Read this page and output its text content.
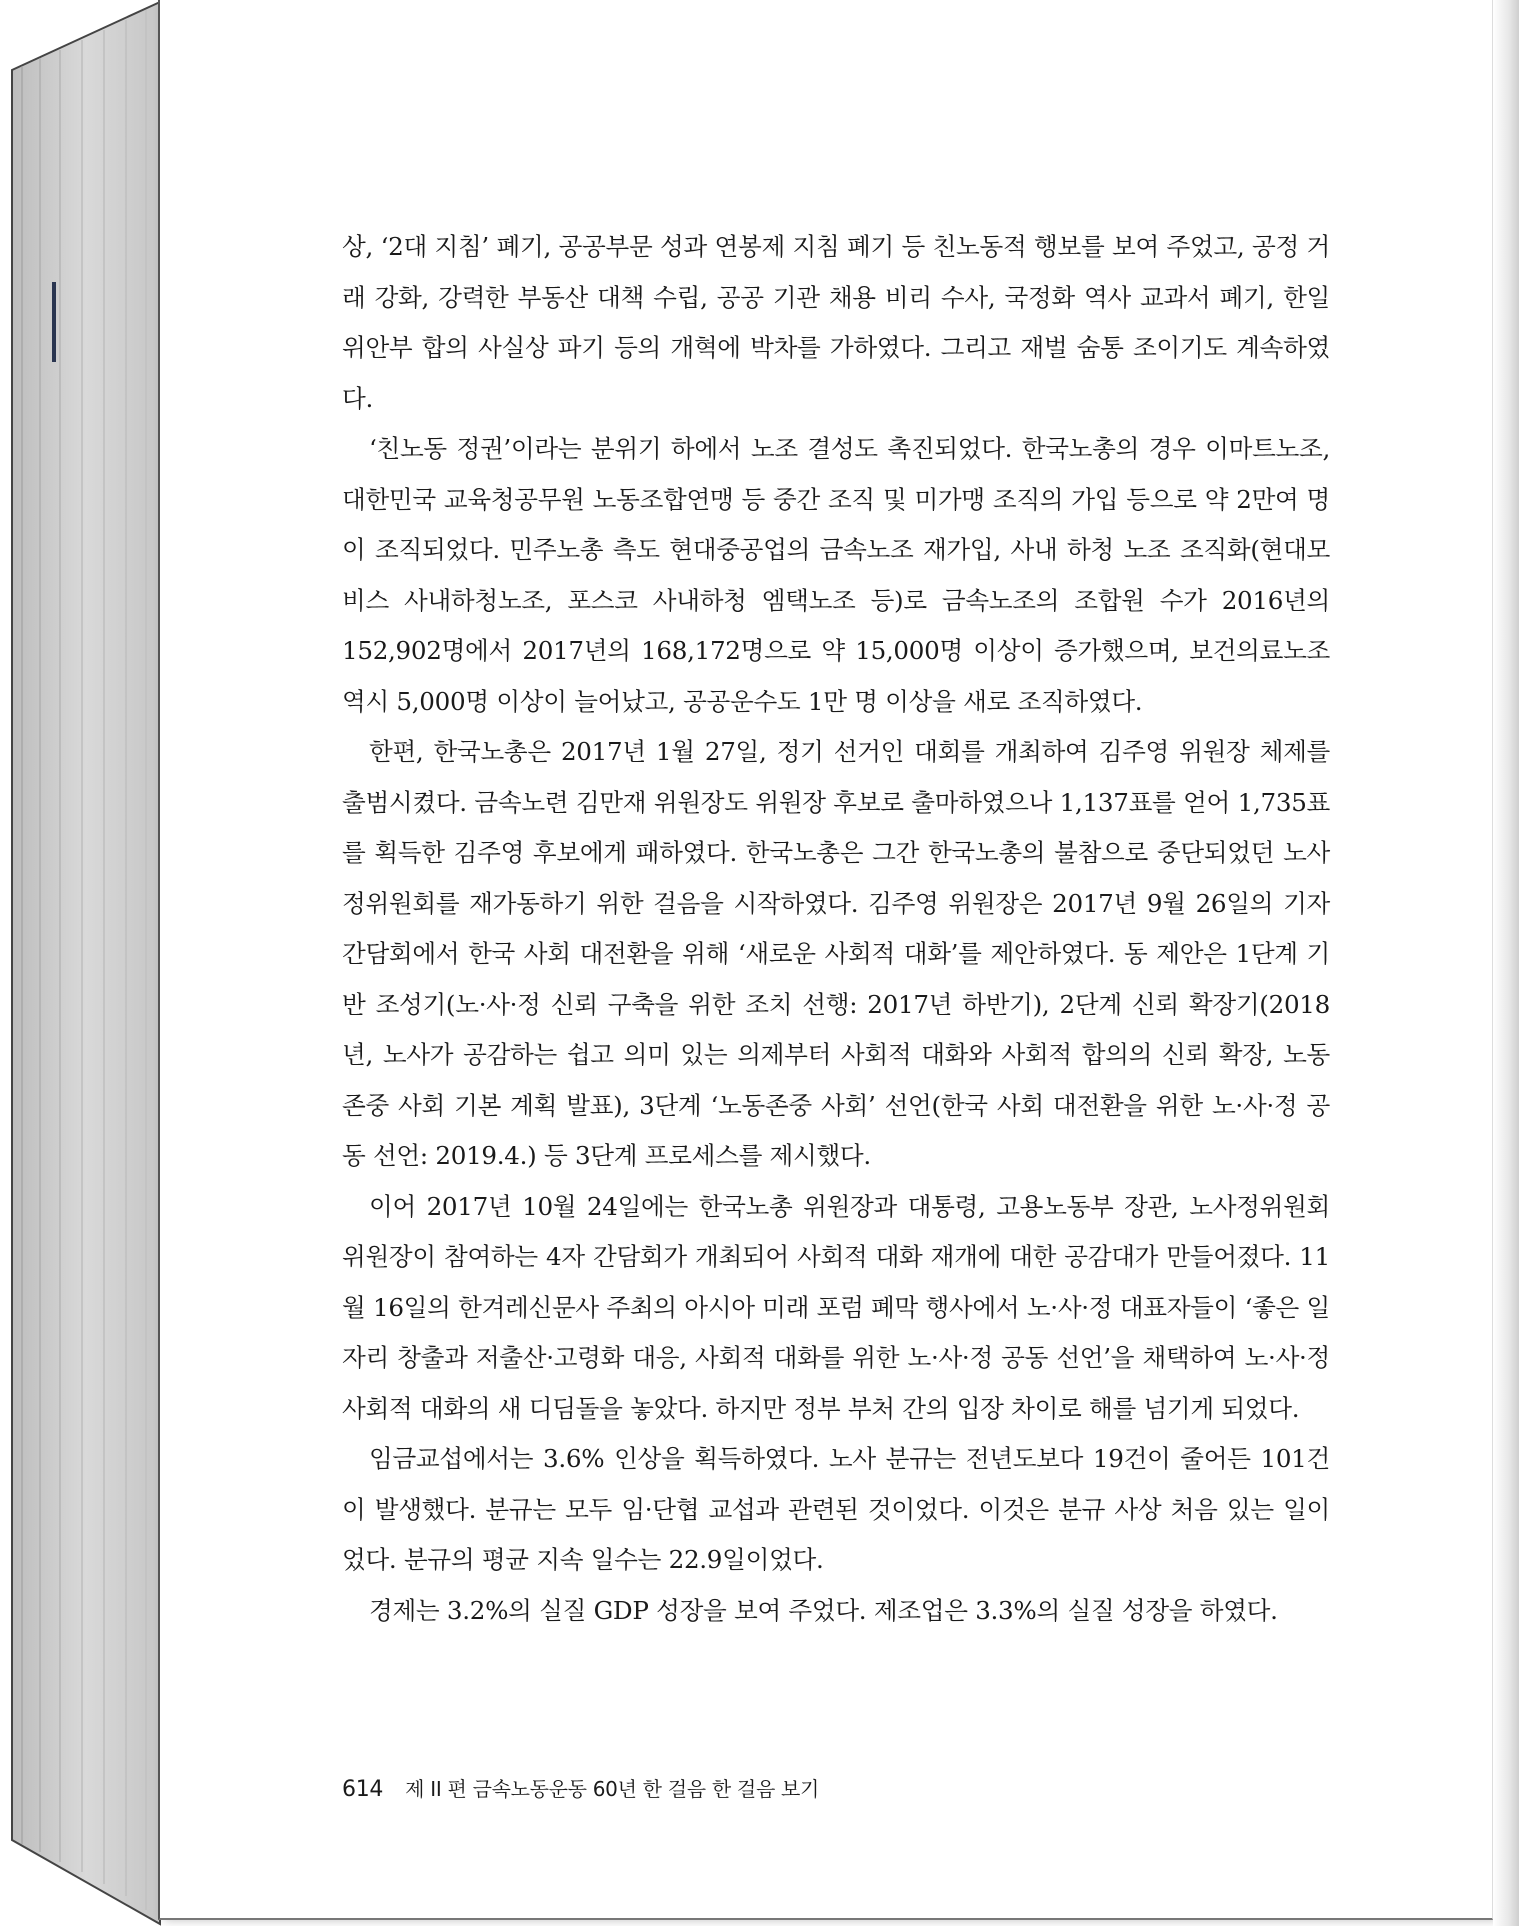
상, ‘2대 지침’ 폐기, 공공부문 성과 연봉제 지침 폐기 등 친노동적 행보를 보여 주었고, 공정 거래 강화, 강력한 부동산 대책 수립, 공공 기관 채용 비리 수사, 국정화 역사 교과서 폐기, 한일 위안부 합의 사실상 파기 등의 개혁에 박차를 가하였다. 그리고 재벌 숨통 조이기도 계속하였다.

‘친노동 정권’이라는 분위기 하에서 노조 결성도 촉진되었다. 한국노총의 경우 이마트노조, 대한민국 교육청공무원 노동조합연맹 등 중간 조직 및 미가맹 조직의 가입 등으로 약 2만여 명이 조직되었다. 민주노총 측도 현대중공업의 금속노조 재가입, 사내 하청 노조 조직화(현대모비스 사내하청노조, 포스코 사내하청 엠택노조 등)로 금속노조의 조합원 수가 2016년의 152,902명에서 2017년의 168,172명으로 약 15,000명 이상이 증가했으며, 보건의료노조 역시 5,000명 이상이 늘어났고, 공공운수도 1만 명 이상을 새로 조직하였다.

한편, 한국노총은 2017년 1월 27일, 정기 선거인 대회를 개최하여 김주영 위원장 체제를 출범시켰다. 금속노련 김만재 위원장도 위원장 후보로 출마하였으나 1,137표를 얻어 1,735표를 획득한 김주영 후보에게 패하였다. 한국노총은 그간 한국노총의 불참으로 중단되었던 노사정위원회를 재가동하기 위한 걸음을 시작하였다. 김주영 위원장은 2017년 9월 26일의 기자 간담회에서 한국 사회 대전환을 위해 ‘새로운 사회적 대화’를 제안하였다. 동 제안은 1단계 기반 조성기(노·사·정 신뢰 구축을 위한 조치 선행: 2017년 하반기), 2단계 신뢰 확장기(2018년, 노사가 공감하는 쉽고 의미 있는 의제부터 사회적 대화와 사회적 합의의 신뢰 확장, 노동 존중 사회 기본 계획 발표), 3단계 ‘노동존중 사회’ 선언(한국 사회 대전환을 위한 노·사·정 공동 선언: 2019.4.) 등 3단계 프로세스를 제시했다.

이어 2017년 10월 24일에는 한국노총 위원장과 대통령, 고용노동부 장관, 노사정위원회 위원장이 참여하는 4자 간담회가 개최되어 사회적 대화 재개에 대한 공감대가 만들어졌다. 11월 16일의 한겨레신문사 주최의 아시아 미래 포럼 폐막 행사에서 노·사·정 대표자들이 ‘좋은 일자리 창출과 저출산·고령화 대응, 사회적 대화를 위한 노·사·정 공동 선언’을 채택하여 노·사·정 사회적 대화의 새 디딤돌을 놓았다. 하지만 정부 부처 간의 입장 차이로 해를 넘기게 되었다.

임금교섭에서는 3.6% 인상을 획득하였다. 노사 분규는 전년도보다 19건이 줄어든 101건이 발생했다. 분규는 모두 임·단협 교섭과 관련된 것이었다. 이것은 분규 사상 처음 있는 일이었다. 분규의 평균 지속 일수는 22.9일이었다.

경제는 3.2%의 실질 GDP 성장을 보여 주었다. 제조업은 3.3%의 실질 성장을 하였다.

614 제 II 편 금속노동운동 60년 한 걸음 한 걸음 보기
